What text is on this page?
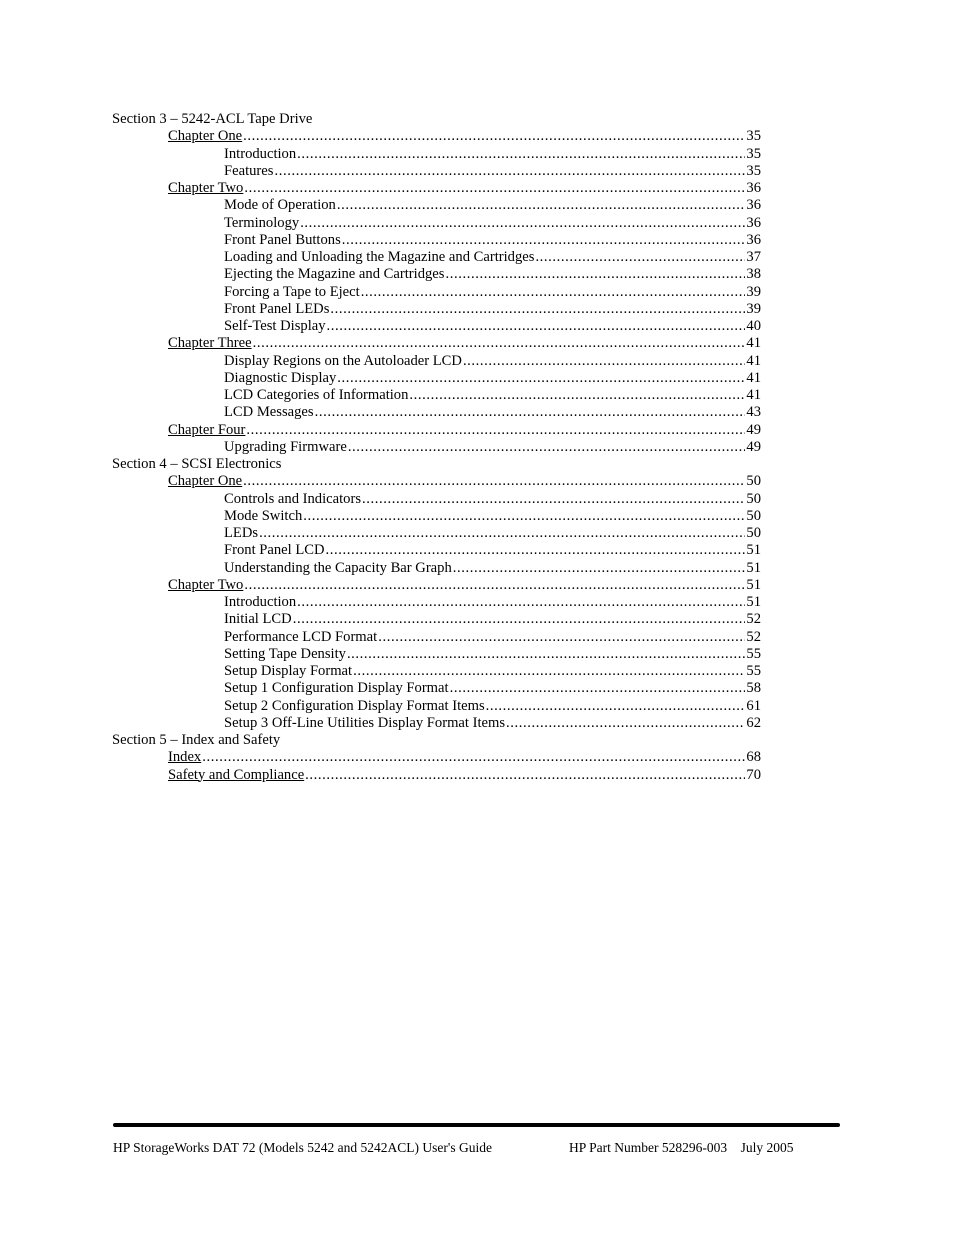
Section 3 – 5242-ACL Tape Drive
Chapter One .....	35
Introduction .....	35
Features .....	35
Chapter Two .....	36
Mode of Operation .....	36
Terminology .....	36
Front Panel Buttons .....	36
Loading and Unloading the Magazine and Cartridges .....	37
Ejecting the Magazine and Cartridges .....	38
Forcing a Tape to Eject .....	39
Front Panel LEDs .....	39
Self-Test Display .....	40
Chapter Three .....	41
Display Regions on the Autoloader LCD .....	41
Diagnostic Display .....	41
LCD Categories of Information .....	41
LCD Messages .....	43
Chapter Four .....	49
Upgrading Firmware .....	49
Section 4 – SCSI Electronics
Chapter One .....	50
Controls and Indicators .....	50
Mode Switch .....	50
LEDs .....	50
Front Panel LCD .....	51
Understanding the Capacity Bar Graph .....	51
Chapter Two .....	51
Introduction .....	51
Initial LCD .....	52
Performance LCD Format .....	52
Setting Tape Density .....	55
Setup Display Format .....	55
Setup 1 Configuration Display Format .....	58
Setup 2 Configuration Display Format Items .....	61
Setup 3 Off-Line Utilities Display Format Items .....	62
Section 5 – Index and Safety
Index .....	68
Safety and Compliance .....	70
HP StorageWorks DAT 72 (Models 5242 and 5242ACL) User's Guide	HP Part Number 528296-003    July 2005
